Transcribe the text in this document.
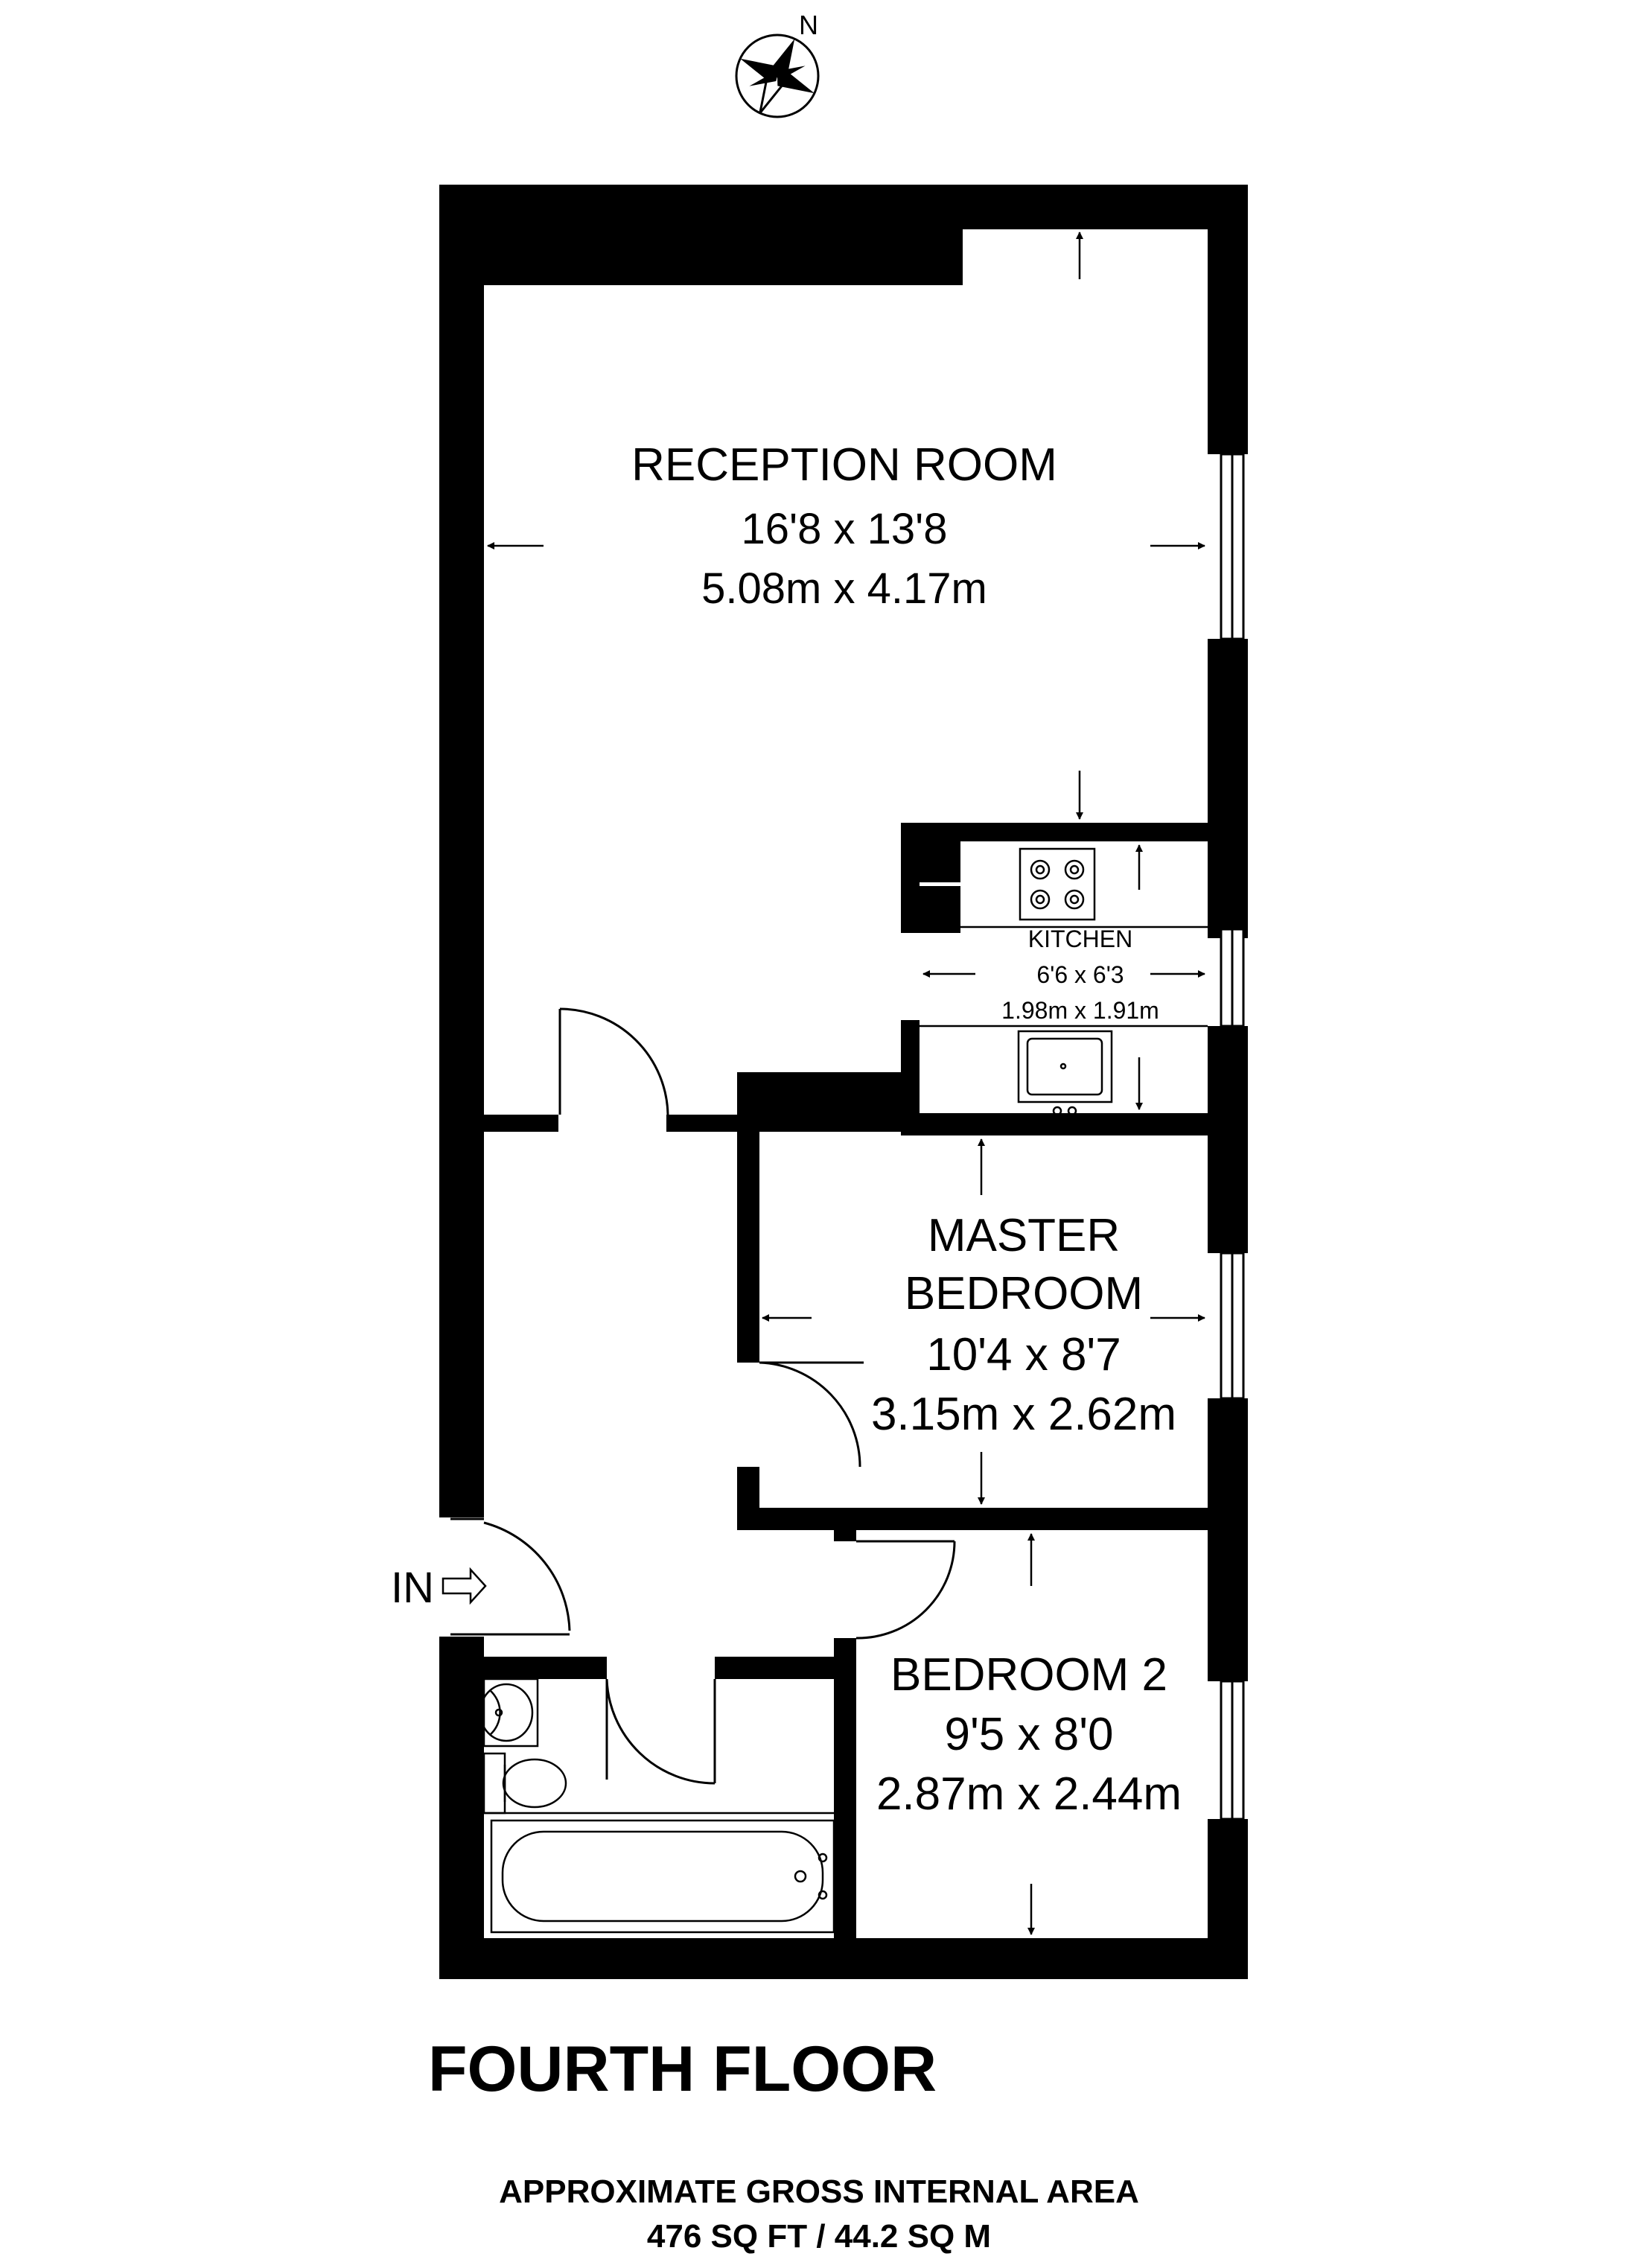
N
RECEPTION ROOM
16'8 x 13'8
5.08m x 4.17m
KITCHEN
6'6 x 6'3
1.98m x 1.91m
MASTER
BEDROOM
10'4 x 8'7
3.15m x 2.62m
BEDROOM 2
9'5 x 8'0
2.87m x 2.44m
IN
FOURTH FLOOR
APPROXIMATE GROSS INTERNAL AREA
476 SQ FT / 44.2 SQ M
